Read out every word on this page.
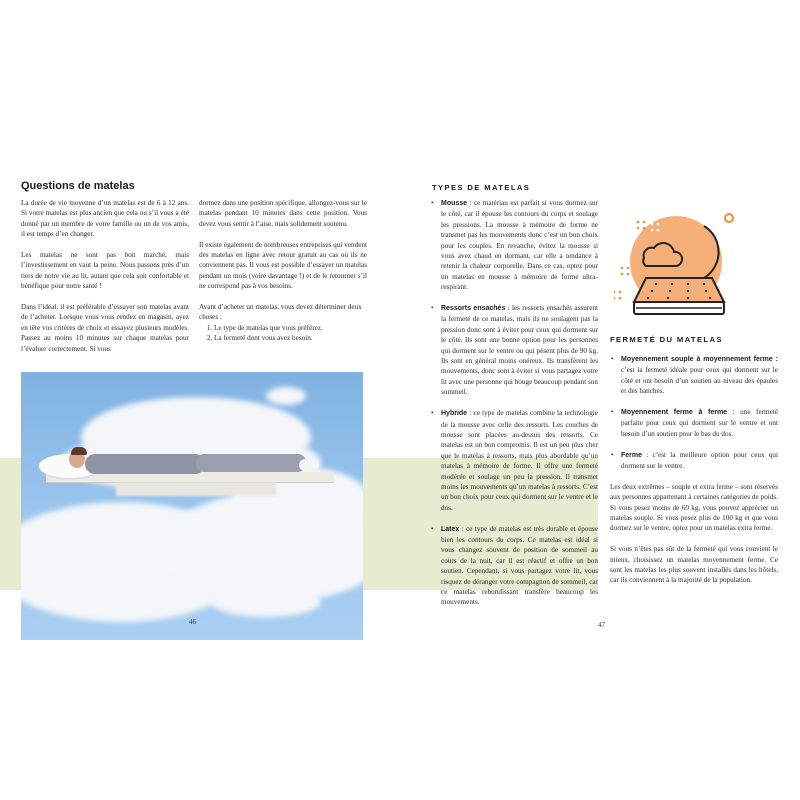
Questions de matelas

La durée de vie moyenne d’un matelas est de 6 à 12 ans. Si votre matelas est plus ancien que cela ou s’il vous a été donné par un membre de votre famille ou un de vos amis, il est temps d’en changer.

Les matelas ne sont pas bon marché, mais l’investissement en vaut la peine. Nous passons près d’un tiers de notre vie au lit, autant que cela soit confortable et bénéfique pour notre santé !

Dans l’idéal, il est préférable d’essayer son matelas avant de l’acheter. Lorsque vous vous rendez en magasin, ayez en tête vos critères de choix et essayez plusieurs modèles. Passez au moins 10 minutes sur chaque matelas pour l’évaluer correctement. Si vous

dormez dans une position spécifique, allongez-vous sur le matelas pendant 10 minutes dans cette position. Vous devez vous sentir à l’aise, mais solidement soutenu.

Il existe également de nombreuses entreprises qui vendent des matelas en ligne avec retour gratuit au cas où ils ne conviennent pas. Il vous est possible d’essayer un matelas pendant un mois (voire davantage !) et de le retourner s’il ne correspond pas à vos besoins.

Avant d’acheter un matelas, vous devez déterminer deux choses :

1. Le type de matelas que vous préférez.
2. La fermeté dont vous avez besoin.
46
TYPES DE MATELAS
• Mousse : ce matériau est parfait si vous dormez sur le côté, car il épouse les contours du corps et soulage les pressions. La mousse à mémoire de forme ne transmet pas les mouvements donc c’est un bon choix pour les couples. En revanche, évitez la mousse si vous avez chaud en dormant, car elle a tendance à retenir la chaleur corporelle. Dans ce cas, optez pour un matelas en mousse à mémoire de forme ultra-respirant.
• Ressorts ensachés : les ressorts ensachés assurent la fermeté de ce matelas, mais ils ne soulagent pas la pression donc sont à éviter pour ceux qui dorment sur le côté. Ils sont une bonne option pour les personnes qui dorment sur le ventre ou qui pèsent plus de 90 kg. Ils sont en général moins onéreux. Ils transfèrent les mouvements, donc sont à éviter si vous partagez votre lit avec une personne qui bouge beaucoup pendant son sommeil.
• Hybride : ce type de matelas combine la technologie de la mousse avec celle des ressorts. Les couches de mousse sont placées au-dessus des ressorts. Ce matelas est un bon compromis. Il est un peu plus cher que le matelas à ressorts, mais plus abordable qu’un matelas à mémoire de forme. Il offre une fermeté modérée et soulage un peu la pression. Il transmet moins les mouvements qu’un matelas à ressorts. C’est un bon choix pour ceux qui dorment sur le ventre et le dos.
• Latex : ce type de matelas est très durable et épouse bien les contours du corps. Ce matelas est idéal si vous changez souvent de position de sommeil au cours de la nuit, car il est réactif et offre un bon soutien. Cependant, si vous partagez votre lit, vous risquez de déranger votre compagnon de sommeil, car ce matelas rebondissant transfère beaucoup les mouvements.
FERMETÉ DU MATELAS
• Moyennement souple à moyennement ferme : c’est la fermeté idéale pour ceux qui dorment sur le côté et ont besoin d’un soutien au niveau des épaules et des hanches.
• Moyennement ferme à ferme : une fermeté parfaite pour ceux qui dorment sur le ventre et ont besoin d’un soutien pour le bas du dos.
• Ferme : c’est la meilleure option pour ceux qui dorment sur le ventre.

Les deux extrêmes – souple et extra ferme – sont réservés aux personnes appartenant à certaines catégories de poids. Si vous pesez moins de 60 kg, vous pouvez apprécier un matelas souple. Si vous pesez plus de 100 kg et que vous dormez sur le ventre, optez pour un matelas extra ferme.

Si vous n’êtes pas sûr de la fermeté qui vous convient le mieux, choisissez un matelas moyennement ferme. Ce sont les matelas les plus souvent installés dans les hôtels, car ils conviennent à la majorité de la population.

47
